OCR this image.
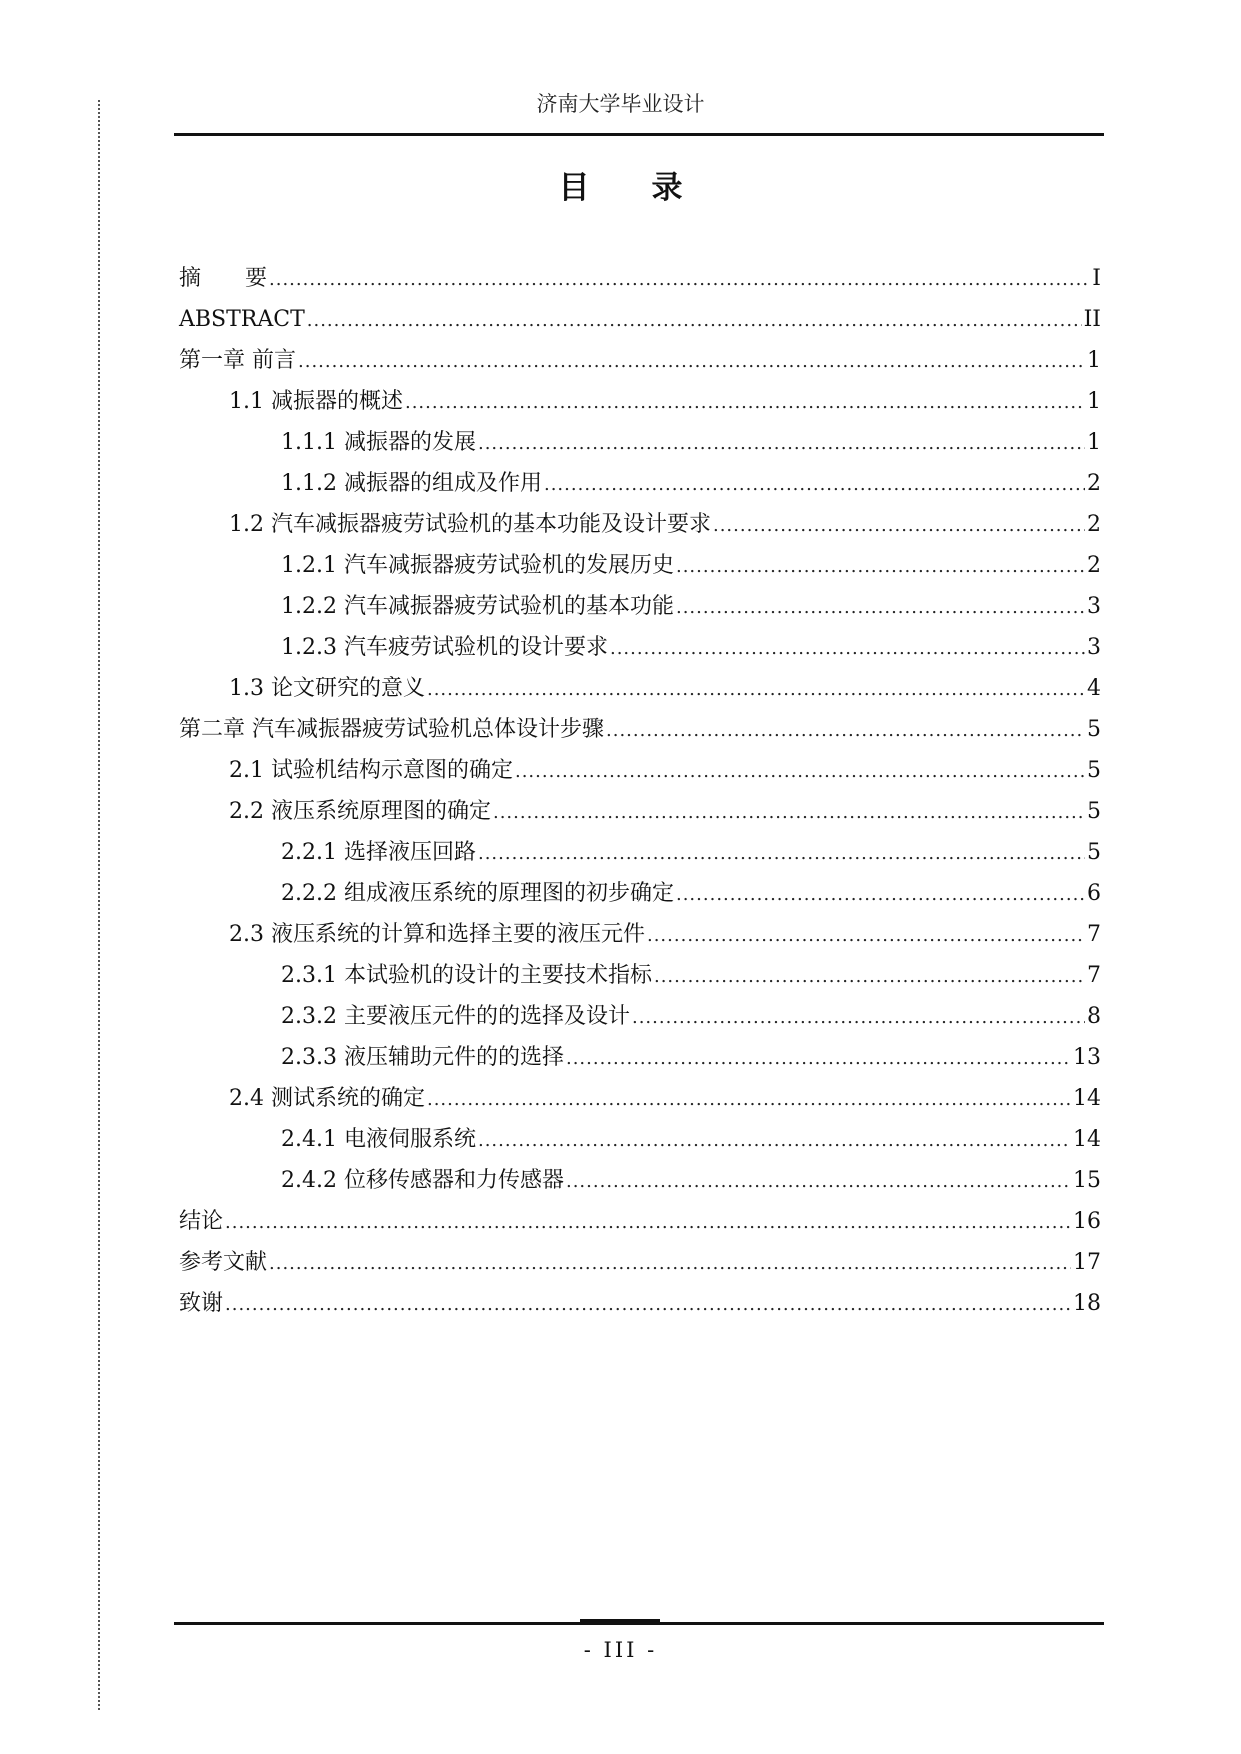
济南大学毕业设计
目录
摘　　要 .....	I
ABSTRACT .....	II
第一章 前言 .....	1
1.1 减振器的概述 .....	1
1.1.1 减振器的发展 .....	1
1.1.2 减振器的组成及作用 .....	2
1.2 汽车减振器疲劳试验机的基本功能及设计要求 .....	2
1.2.1 汽车减振器疲劳试验机的发展历史 .....	2
1.2.2 汽车减振器疲劳试验机的基本功能 .....	3
1.2.3 汽车疲劳试验机的设计要求 .....	3
1.3 论文研究的意义 .....	4
第二章 汽车减振器疲劳试验机总体设计步骤 .....	5
2.1 试验机结构示意图的确定 .....	5
2.2 液压系统原理图的确定 .....	5
2.2.1 选择液压回路 .....	5
2.2.2 组成液压系统的原理图的初步确定 .....	6
2.3 液压系统的计算和选择主要的液压元件 .....	7
2.3.1 本试验机的设计的主要技术指标 .....	7
2.3.2 主要液压元件的的选择及设计 .....	8
2.3.3 液压辅助元件的的选择 .....	13
2.4 测试系统的确定 .....	14
2.4.1 电液伺服系统 .....	14
2.4.2 位移传感器和力传感器 .....	15
结论 .....	16
参考文献 .....	17
致谢 .....	18
- III -
